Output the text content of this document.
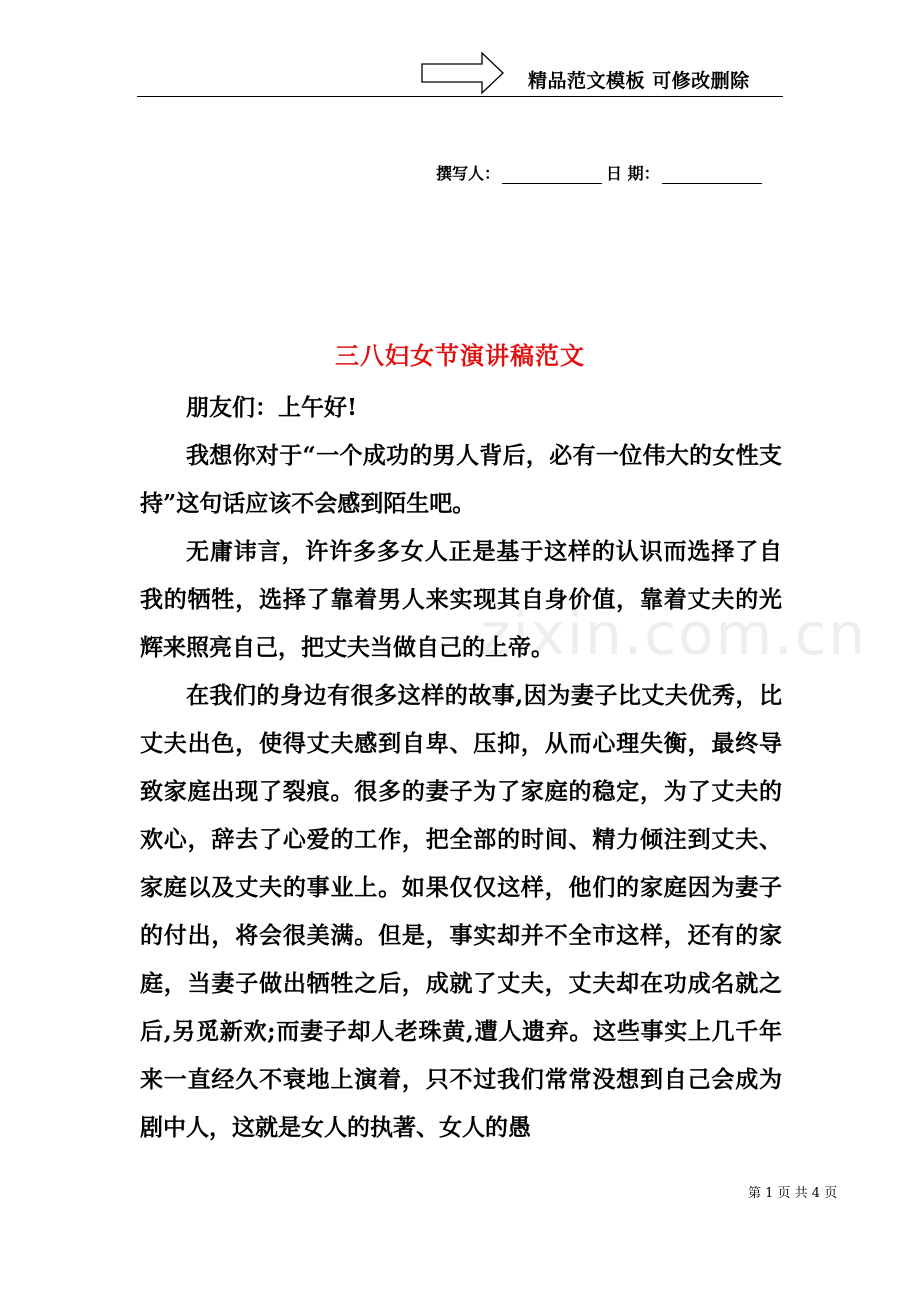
精品范文模板 可修改删除
撰写人：	日 期：
zixin.com.cn
三八妇女节演讲稿范文

朋友们：上午好!

我想你对于“一个成功的男人背后，必有一位伟大的女性支持”这句话应该不会感到陌生吧。

无庸讳言，许许多多女人正是基于这样的认识而选择了自我的牺牲，选择了靠着男人来实现其自身价值，靠着丈夫的光辉来照亮自己，把丈夫当做自己的上帝。

在我们的身边有很多这样的故事,因为妻子比丈夫优秀，比丈夫出色，使得丈夫感到自卑、压抑，从而心理失衡，最终导致家庭出现了裂痕。很多的妻子为了家庭的稳定，为了丈夫的欢心，辞去了心爱的工作，把全部的时间、精力倾注到丈夫、家庭以及丈夫的事业上。如果仅仅这样，他们的家庭因为妻子的付出，将会很美满。但是，事实却并不全市这样，还有的家庭，当妻子做出牺牲之后，成就了丈夫，丈夫却在功成名就之后,另觅新欢;而妻子却人老珠黄,遭人遗弃。这些事实上几千年来一直经久不衰地上演着，只不过我们常常没想到自己会成为剧中人，这就是女人的执著、女人的愚

第 1 页 共 4 页
